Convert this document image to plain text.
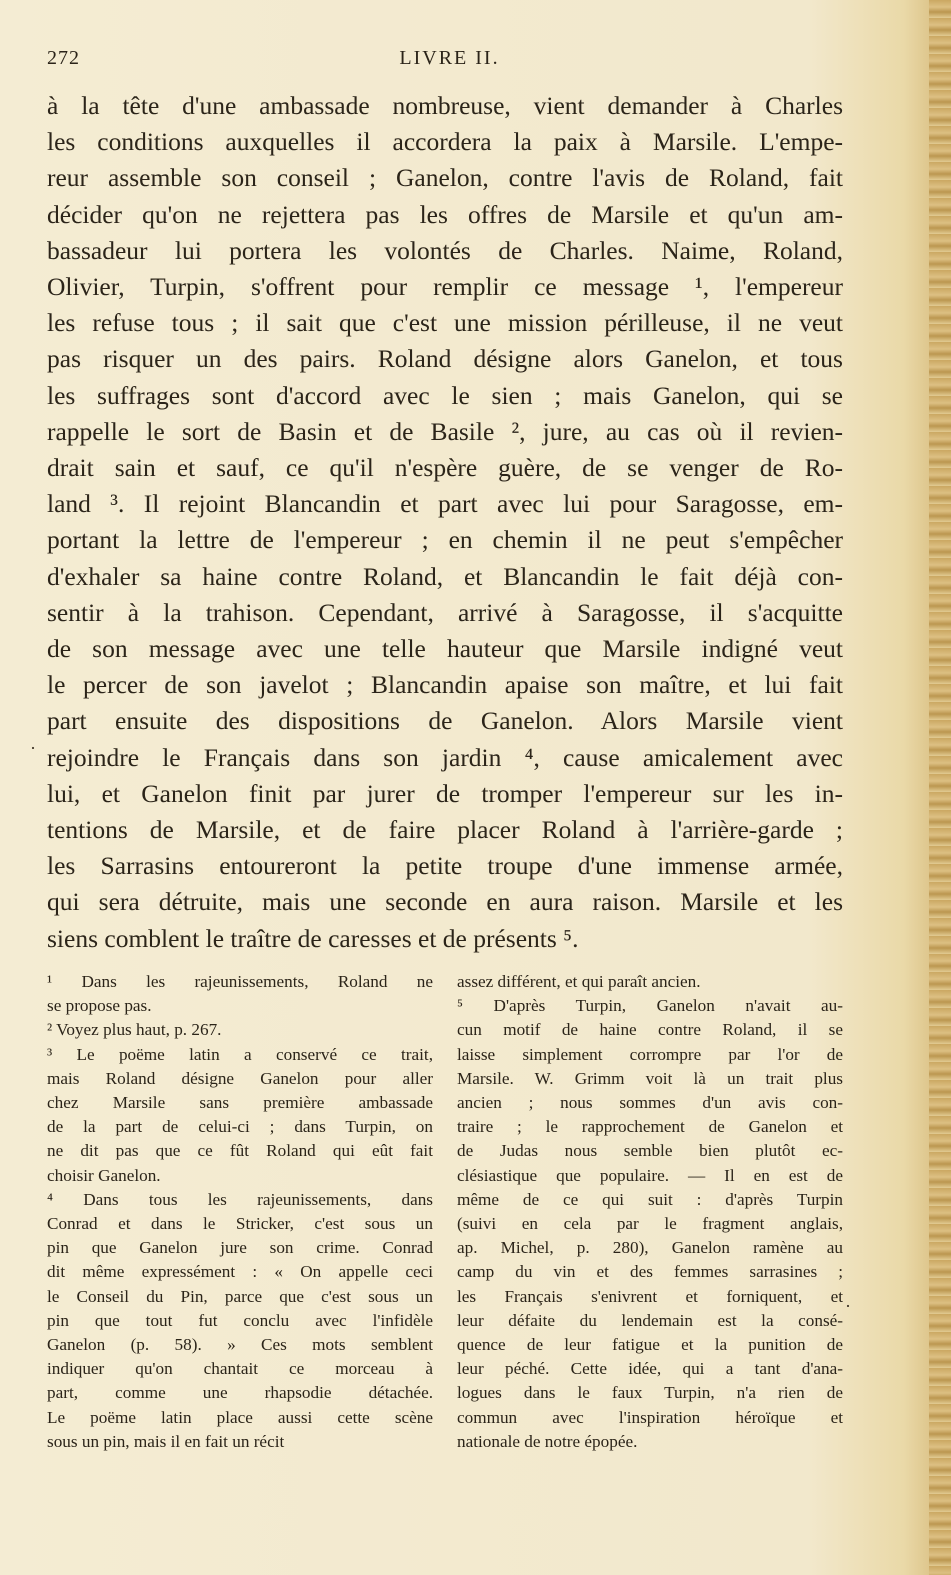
272	LIVRE II.
à la tête d'une ambassade nombreuse, vient demander à Charles
les conditions auxquelles il accordera la paix à Marsile. L'empe-
reur assemble son conseil ; Ganelon, contre l'avis de Roland, fait
décider qu'on ne rejettera pas les offres de Marsile et qu'un am-
bassadeur lui portera les volontés de Charles. Naime, Roland,
Olivier, Turpin, s'offrent pour remplir ce message ¹, l'empereur
les refuse tous ; il sait que c'est une mission périlleuse, il ne veut
pas risquer un des pairs. Roland désigne alors Ganelon, et tous
les suffrages sont d'accord avec le sien ; mais Ganelon, qui se
rappelle le sort de Basin et de Basile ², jure, au cas où il revien-
drait sain et sauf, ce qu'il n'espère guère, de se venger de Ro-
land ³. Il rejoint Blancandin et part avec lui pour Saragosse, em-
portant la lettre de l'empereur ; en chemin il ne peut s'empêcher
d'exhaler sa haine contre Roland, et Blancandin le fait déjà con-
sentir à la trahison. Cependant, arrivé à Saragosse, il s'acquitte
de son message avec une telle hauteur que Marsile indigné veut
le percer de son javelot ; Blancandin apaise son maître, et lui fait
part ensuite des dispositions de Ganelon. Alors Marsile vient
rejoindre le Français dans son jardin ⁴, cause amicalement avec
lui, et Ganelon finit par jurer de tromper l'empereur sur les in-
tentions de Marsile, et de faire placer Roland à l'arrière-garde ;
les Sarrasins entoureront la petite troupe d'une immense armée,
qui sera détruite, mais une seconde en aura raison. Marsile et les
siens comblent le traître de caresses et de présents ⁵.
¹ Dans les rajeunissements, Roland ne
se propose pas.
² Voyez plus haut, p. 267.
³ Le poëme latin a conservé ce trait,
mais Roland désigne Ganelon pour aller
chez Marsile sans première ambassade
de la part de celui-ci ; dans Turpin, on
ne dit pas que ce fût Roland qui eût fait
choisir Ganelon.
⁴ Dans tous les rajeunissements, dans
Conrad et dans le Stricker, c'est sous un
pin que Ganelon jure son crime. Conrad
dit même expressément : « On appelle ceci
le Conseil du Pin, parce que c'est sous un
pin que tout fut conclu avec l'infidèle
Ganelon (p. 58). » Ces mots semblent
indiquer qu'on chantait ce morceau à
part, comme une rhapsodie détachée.
Le poëme latin place aussi cette scène
sous un pin, mais il en fait un récit
assez différent, et qui paraît ancien.
⁵ D'après Turpin, Ganelon n'avait au-
cun motif de haine contre Roland, il se
laisse simplement corrompre par l'or de
Marsile. W. Grimm voit là un trait plus
ancien ; nous sommes d'un avis con-
traire ; le rapprochement de Ganelon et
de Judas nous semble bien plutôt ec-
clésiastique que populaire. — Il en est de
même de ce qui suit : d'après Turpin
(suivi en cela par le fragment anglais,
ap. Michel, p. 280), Ganelon ramène au
camp du vin et des femmes sarrasines ;
les Français s'enivrent et forniquent, et
leur défaite du lendemain est la consé-
quence de leur fatigue et la punition de
leur péché. Cette idée, qui a tant d'ana-
logues dans le faux Turpin, n'a rien de
commun avec l'inspiration héroïque et
nationale de notre épopée.
·
·
